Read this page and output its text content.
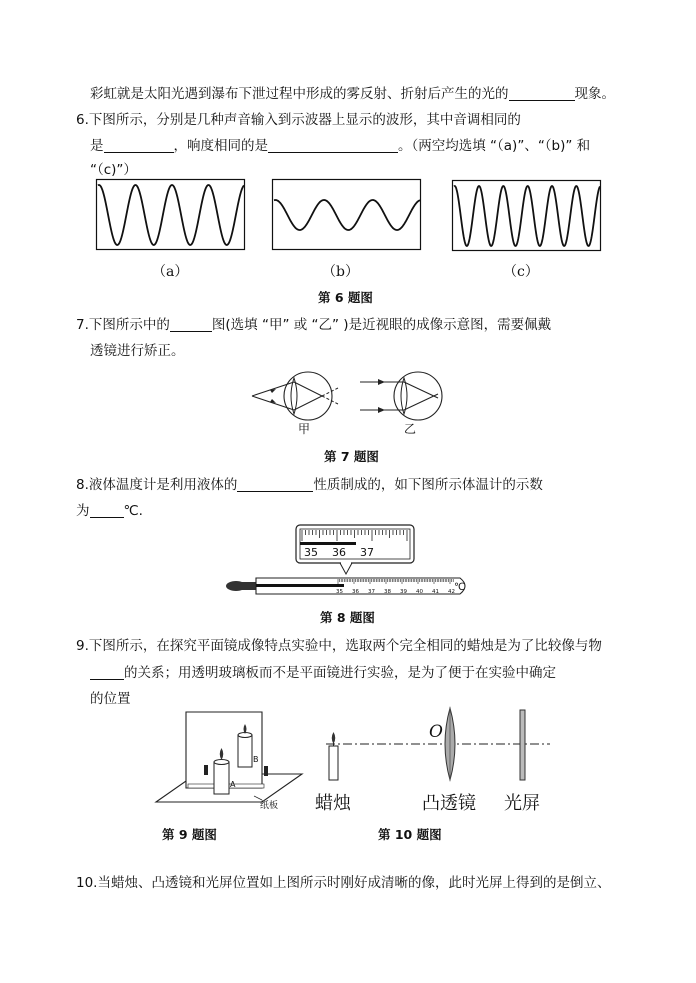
彩虹就是太阳光遇到瀑布下泄过程中形成的雾反射、折射后产生的光的	现象。
6.下图所示，分别是几种声音输入到示波器上显示的波形，其中音调相同的
是	，响度相同的是	。（两空均选填 “（a)”、“（b)” 和
“（c)”）
（a）	（b）	（c）
第 6 题图
7.下图所示中的	图(选填 “甲” 或 “乙” )是近视眼的成像示意图，需要佩戴
透镜进行矫正。
甲	乙
第 7 题图
8.液体温度计是利用液体的	性质制成的，如下图所示体温计的示数
为	℃.
35 36 37
35 36 37 38 39 40 41 42 ℃
第 8 题图
9.下图所示，在探究平面镜成像特点实验中，选取两个完全相同的蜡烛是为了比较像与物
的关系；用透明玻璃板而不是平面镜进行实验，是为了便于在实验中确定
的位置
A
B
纸板
O
蜡烛	凸透镜 光屏
第 9 题图	第 10 题图
10.当蜡烛、凸透镜和光屏位置如上图所示时刚好成清晰的像，此时光屏上得到的是倒立、
